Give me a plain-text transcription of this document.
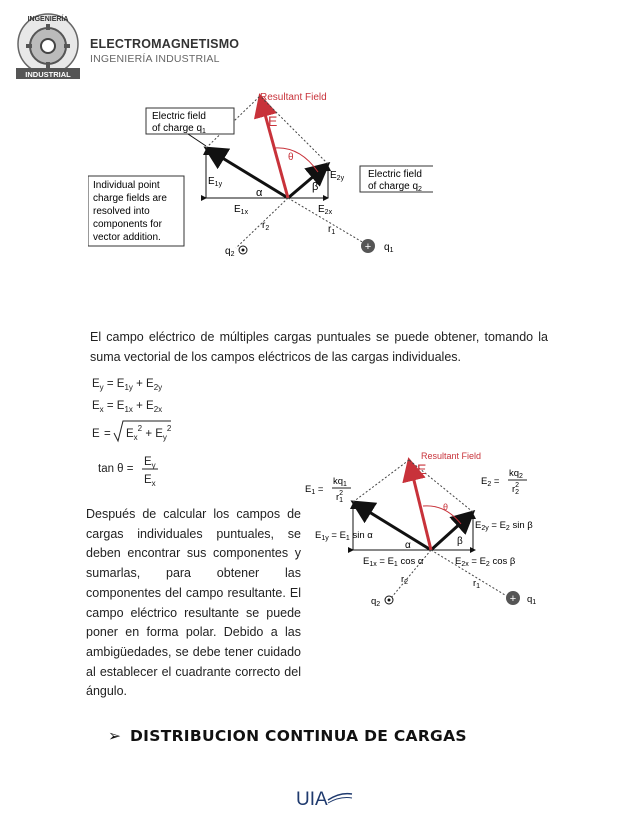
INGENIERÍA
INDUSTRIAL
ELECTROMAGNETISMO
INGENIERÍA INDUSTRIAL
θ
α	β
Resultant Field
E
Electric field
of charge $q_1$
Electric field
of charge $q_2$
Individual point
charge fields are
resolved into
components for
vector addition.
$E_{1y}$
$E_{1x}$	$E_{2x}$
$E_{2y}$
$r_2$	$r_1$
$q_2$
+ $q_1$

El campo eléctrico de múltiples cargas puntuales se puede obtener, tomando la suma vectorial de los campos eléctricos de las cargas individuales.

$E_y = E_{1y} + E_{2y}$
$E_x = E_{1x} + E_{2x}$
$E = E_x^2 + E_y^2$
tan θ =
$E_y$
$E_x$

Después de calcular los campos de cargas individuales puntuales, se deben encontrar sus componentes y sumarlas, para obtener las componentes del campo resultante. El campo eléctrico resultante se puede poner en forma polar. Debido a las ambigüedades, se debe tener cuidado al establecer el cuadrante correcto del ángulo.

θ
α	β
Resultant Field
E
$E_1$ =
$kq_1$
$r^2$ 1
$E_2$ =
$kq_2$
$r^2$ 2
$E_{1y} = E_1$ sin α
$E_{1x} = E_1$ cos α	$E_{2x} = E_2$ cos β
$E_{2y} = E_2$ sin β
$r_2$	$r_1$
$q_2$	+ $q_1$
➢ DISTRIBUCION CONTINUA DE CARGAS
UIA
